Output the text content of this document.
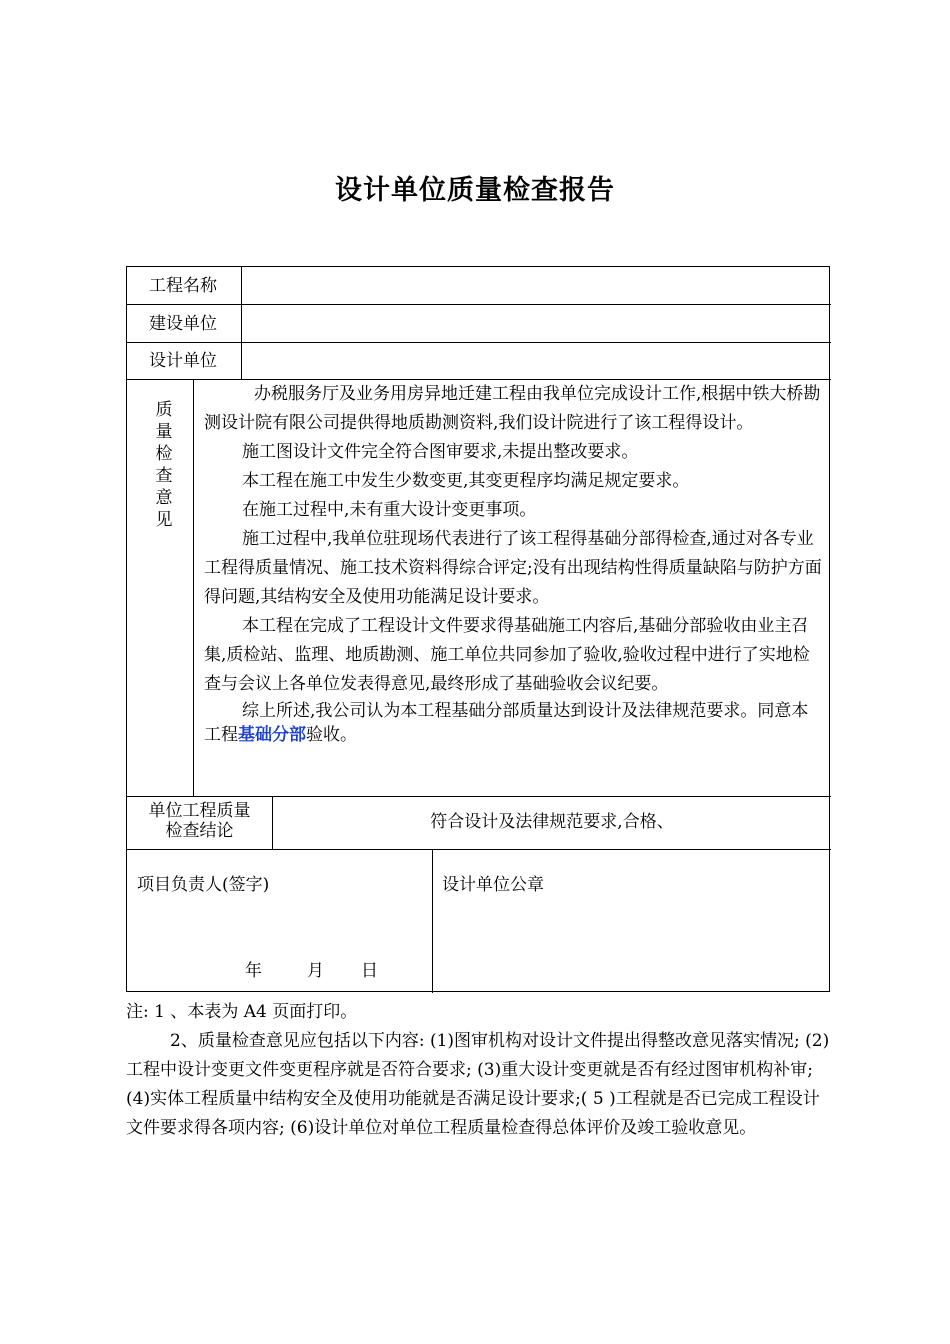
设计单位质量检查报告
工程名称
建设单位
设计单位
质量检查意见

办税服务厅及业务用房异地迁建工程由我单位完成设计工作,根据中铁大桥勘测设计院有限公司提供得地质勘测资料,我们设计院进行了该工程得设计。

施工图设计文件完全符合图审要求,未提出整改要求。

本工程在施工中发生少数变更,其变更程序均满足规定要求。

在施工过程中,未有重大设计变更事项。

施工过程中,我单位驻现场代表进行了该工程得基础分部得检查,通过对各专业工程得质量情况、施工技术资料得综合评定;没有出现结构性得质量缺陷与防护方面得问题,其结构安全及使用功能满足设计要求。

本工程在完成了工程设计文件要求得基础施工内容后,基础分部验收由业主召集,质检站、监理、地质勘测、施工单位共同参加了验收,验收过程中进行了实地检查与会议上各单位发表得意见,最终形成了基础验收会议纪要。

综上所述,我公司认为本工程基础分部质量达到设计及法律规范要求。同意本工程基础分部验收。

单位工程质量
检查结论	符合设计及法律规范要求,合格、
项目负责人(签字)
年	月 日
设计单位公章

注: 1 、本表为 A4 页面打印。

2、质量检查意见应包括以下内容: (1)图审机构对设计文件提出得整改意见落实情况; (2)工程中设计变更文件变更程序就是否符合要求; (3)重大设计变更就是否有经过图审机构补审; (4)实体工程质量中结构安全及使用功能就是否满足设计要求;( 5 )工程就是否已完成工程设计文件要求得各项内容; (6)设计单位对单位工程质量检查得总体评价及竣工验收意见。
